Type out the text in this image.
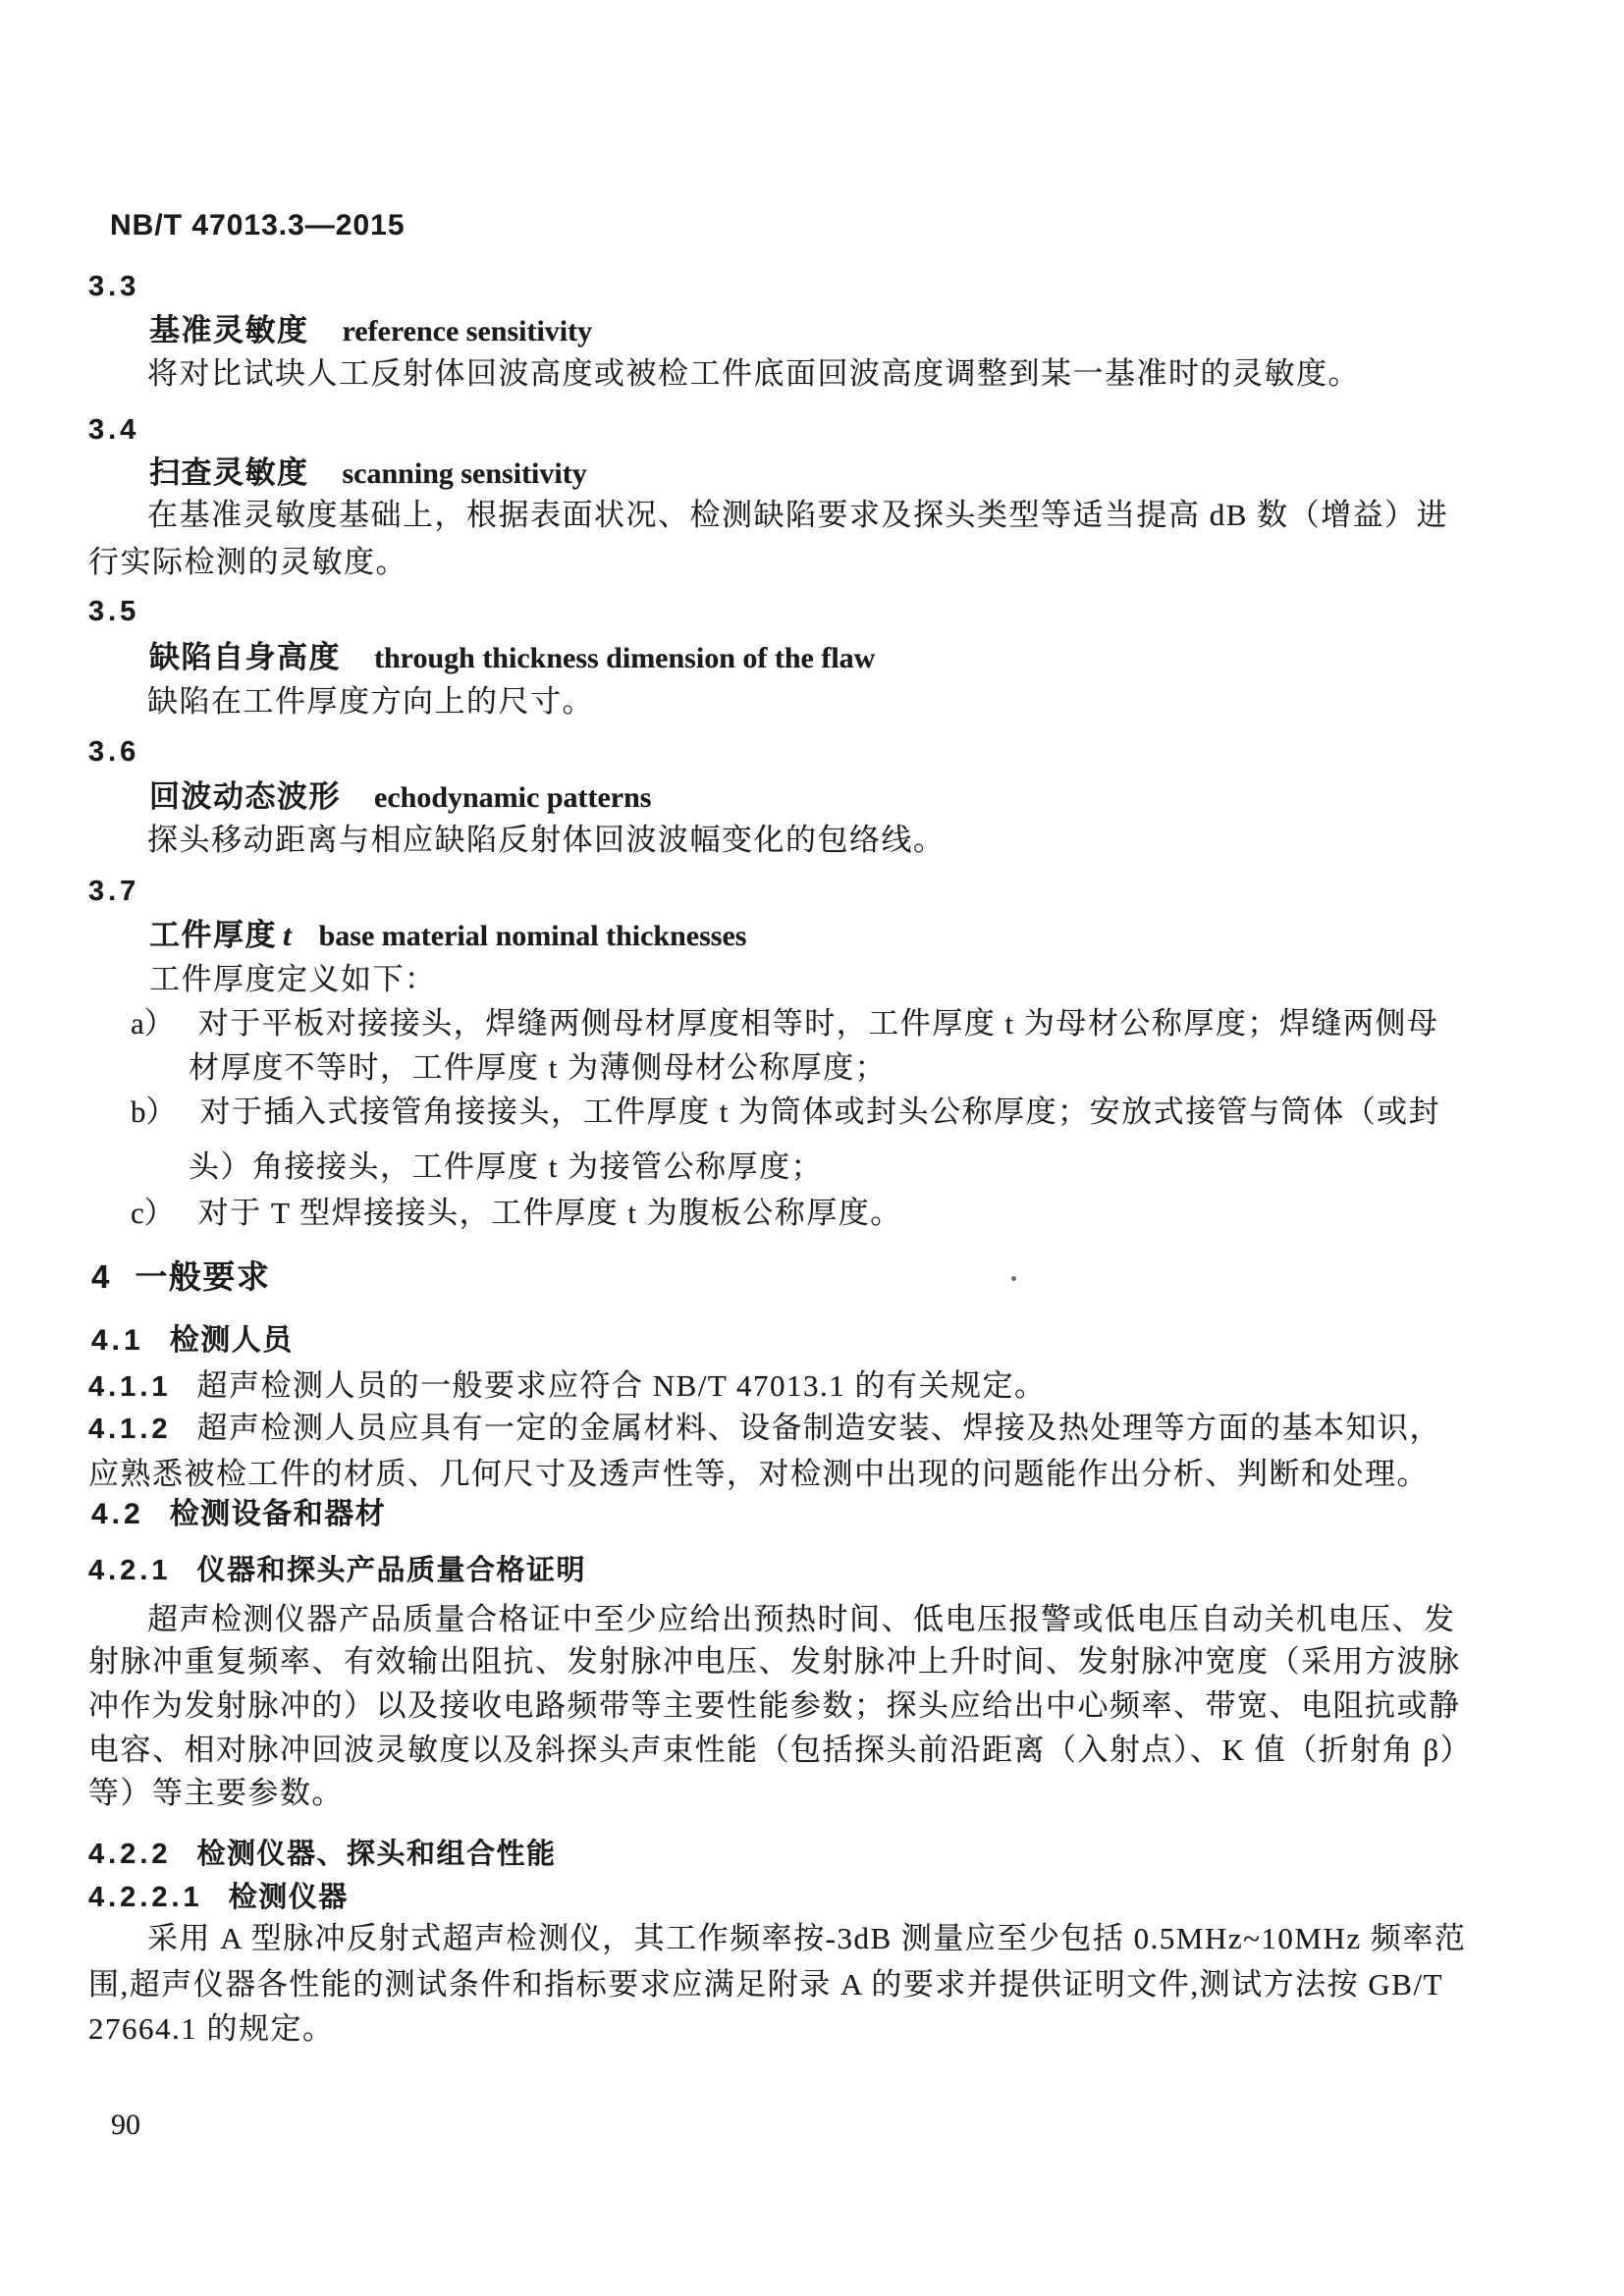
NB/T 47013.3—2015
3.3
基准灵敏度 reference sensitivity
将对比试块人工反射体回波高度或被检工件底面回波高度调整到某一基准时的灵敏度。
3.4
扫查灵敏度 scanning sensitivity
在基准灵敏度基础上，根据表面状况、检测缺陷要求及探头类型等适当提高 dB 数（增益）进
行实际检测的灵敏度。
3.5
缺陷自身高度 through thickness dimension of the flaw
缺陷在工件厚度方向上的尺寸。
3.6
回波动态波形 echodynamic patterns
探头移动距离与相应缺陷反射体回波波幅变化的包络线。
3.7
工件厚度 t base material nominal thicknesses
工件厚度定义如下：
a） 对于平板对接接头，焊缝两侧母材厚度相等时，工件厚度 t 为母材公称厚度；焊缝两侧母
材厚度不等时，工件厚度 t 为薄侧母材公称厚度；
b） 对于插入式接管角接接头，工件厚度 t 为筒体或封头公称厚度；安放式接管与筒体（或封
头）角接接头，工件厚度 t 为接管公称厚度；
c） 对于 T 型焊接接头，工件厚度 t 为腹板公称厚度。
4 一般要求
4.1 检测人员
4.1.1 超声检测人员的一般要求应符合 NB/T 47013.1 的有关规定。
4.1.2 超声检测人员应具有一定的金属材料、设备制造安装、焊接及热处理等方面的基本知识，
应熟悉被检工件的材质、几何尺寸及透声性等，对检测中出现的问题能作出分析、判断和处理。
4.2 检测设备和器材
4.2.1 仪器和探头产品质量合格证明
超声检测仪器产品质量合格证中至少应给出预热时间、低电压报警或低电压自动关机电压、发
射脉冲重复频率、有效输出阻抗、发射脉冲电压、发射脉冲上升时间、发射脉冲宽度（采用方波脉
冲作为发射脉冲的）以及接收电路频带等主要性能参数；探头应给出中心频率、带宽、电阻抗或静
电容、相对脉冲回波灵敏度以及斜探头声束性能（包括探头前沿距离（入射点）、K 值（折射角 β）
等）等主要参数。
4.2.2 检测仪器、探头和组合性能
4.2.2.1 检测仪器
采用 A 型脉冲反射式超声检测仪，其工作频率按-3dB 测量应至少包括 0.5MHz~10MHz 频率范
围,超声仪器各性能的测试条件和指标要求应满足附录 A 的要求并提供证明文件,测试方法按 GB/T
27664.1 的规定。
90
